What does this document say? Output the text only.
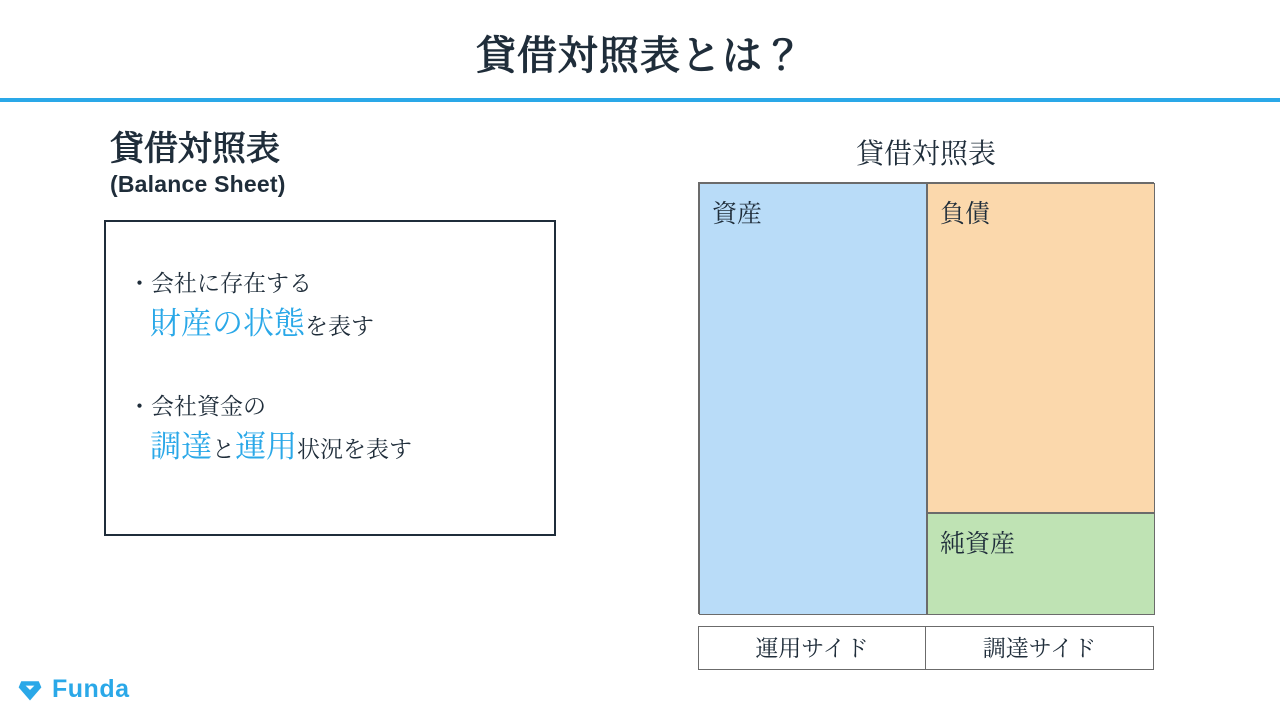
貸借対照表とは？
貸借対照表
(Balance Sheet)
・会社に存在する
財産の状態を表す
・会社資金の
調達と運用状況を表す
貸借対照表
資産	負債
純資産
運用サイド	調達サイド
Funda
